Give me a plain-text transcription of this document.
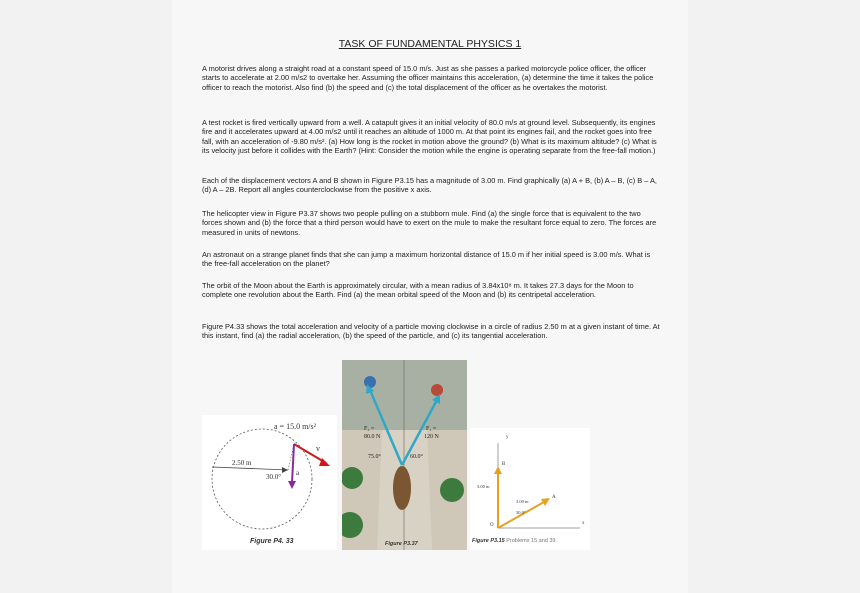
TASK OF FUNDAMENTAL PHYSICS 1
A motorist drives along a straight road at a constant speed of 15.0 m/s. Just as she passes a parked motorcycle police officer, the officer starts to accelerate at 2.00 m/s2 to overtake her. Assuming the officer maintains this acceleration, (a) determine the time it takes the police officer to reach the motorist. Also find (b) the speed and (c) the total displacement of the officer as he overtakes the motorist.
A test rocket is fired vertically upward from a well. A catapult gives it an initial velocity of 80.0 m/s at ground level. Subsequently, its engines fire and it accelerates upward at 4.00 m/s2 until it reaches an altitude of 1000 m. At that point its engines fail, and the rocket goes into free fall, with an acceleration of -9.80 m/s². (a) How long is the rocket in motion above the ground? (b) What is its maximum altitude? (c) What is its velocity just before it collides with the Earth? (Hint: Consider the motion while the engine is operating separate from the free-fall motion.)
Each of the displacement vectors A and B shown in Figure P3.15 has a magnitude of 3.00 m. Find graphically (a) A + B, (b) A – B, (c) B – A, (d) A – 2B. Report all angles counterclockwise from the positive x axis.
The helicopter view in Figure P3.37 shows two people pulling on a stubborn mule. Find (a) the single force that is equivalent to the two forces shown and (b) the force that a third person would have to exert on the mule to make the resultant force equal to zero. The forces are measured in units of newtons.
An astronaut on a strange planet finds that she can jump a maximum horizontal distance of 15.0 m if her initial speed is 3.00 m/s. What is the free-fall acceleration on the planet?
The orbit of the Moon about the Earth is approximately circular, with a mean radius of 3.84x10⁸ m. It takes 27.3 days for the Moon to complete one revolution about the Earth. Find (a) the mean orbital speed of the Moon and (b) its centripetal acceleration.
Figure P4.33 shows the total acceleration and velocity of a particle moving clockwise in a circle of radius 2.50 m at a given instant of time. At this instant, find (a) the radial acceleration, (b) the speed of the particle, and (c) its tangential acceleration.
a = 15.0 m/s²
v
a
2.50 m
30.0°
Figure P4. 33
F₂ =
80.0 N
F₁ =
120 N
75.0°	60.0°
Figure P3.37
y
x
B
A
O
3.00 m
3.00 m
30.0°
Figure P3.15 Problems 15 and 39.
